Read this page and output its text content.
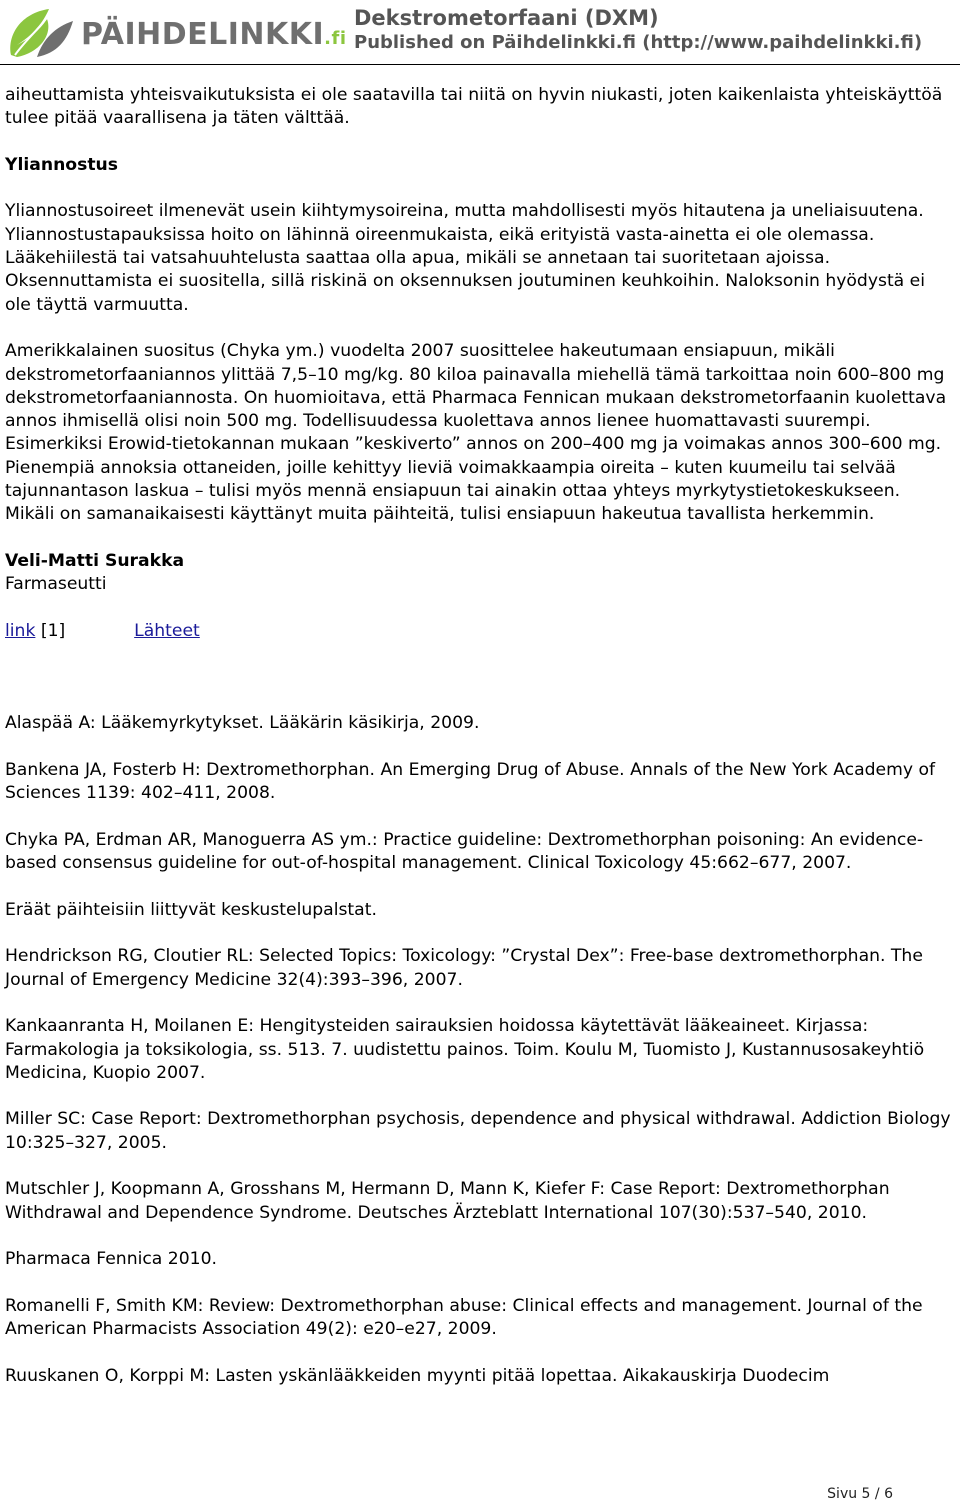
PÄIHDELINKKI.fi
Dekstrometorfaani (DXM)
Published on Päihdelinkki.fi (http://www.paihdelinkki.fi)

aiheuttamista yhteisvaikutuksista ei ole saatavilla tai niitä on hyvin niukasti, joten kaikenlaista yhteiskäyttöä tulee pitää vaarallisena ja täten välttää.

Yliannostus

Yliannostusoireet ilmenevät usein kiihtymysoireina, mutta mahdollisesti myös hitautena ja uneliaisuutena. Yliannostustapauksissa hoito on lähinnä oireenmukaista, eikä erityistä vasta-ainetta ei ole olemassa. Lääkehiilestä tai vatsahuuhtelusta saattaa olla apua, mikäli se annetaan tai suoritetaan ajoissa. Oksennuttamista ei suositella, sillä riskinä on oksennuksen joutuminen keuhkoihin. Naloksonin hyödystä ei ole täyttä varmuutta.

Amerikkalainen suositus (Chyka ym.) vuodelta 2007 suosittelee hakeutumaan ensiapuun, mikäli dekstrometorfaaniannos ylittää 7,5–10 mg/kg. 80 kiloa painavalla miehellä tämä tarkoittaa noin 600–800 mg dekstrometorfaaniannosta. On huomioitava, että Pharmaca Fennican mukaan dekstrometorfaanin kuolettava annos ihmisellä olisi noin 500 mg. Todellisuudessa kuolettava annos lienee huomattavasti suurempi. Esimerkiksi Erowid-tietokannan mukaan ”keskiverto” annos on 200–400 mg ja voimakas annos 300–600 mg. Pienempiä annoksia ottaneiden, joille kehittyy lieviä voimakkaampia oireita – kuten kuumeilu tai selvää tajunnantason laskua – tulisi myös mennä ensiapuun tai ainakin ottaa yhteys myrkytystietokeskukseen. Mikäli on samanaikaisesti käyttänyt muita päihteitä, tulisi ensiapuun hakeutua tavallista herkemmin.

Veli-Matti Surakka
Farmaseutti

link [1]	Lähteet

Alaspää A: Lääkemyrkytykset. Lääkärin käsikirja, 2009.

Bankena JA, Fosterb H: Dextromethorphan. An Emerging Drug of Abuse. Annals of the New York Academy of Sciences 1139: 402–411, 2008.

Chyka PA, Erdman AR, Manoguerra AS ym.: Practice guideline: Dextromethorphan poisoning: An evidence-based consensus guideline for out-of-hospital management. Clinical Toxicology 45:662–677, 2007.

Eräät päihteisiin liittyvät keskustelupalstat.

Hendrickson RG, Cloutier RL: Selected Topics: Toxicology: ”Crystal Dex”: Free-base dextromethorphan. The Journal of Emergency Medicine 32(4):393–396, 2007.

Kankaanranta H, Moilanen E: Hengitysteiden sairauksien hoidossa käytettävät lääkeaineet. Kirjassa: Farmakologia ja toksikologia, ss. 513. 7. uudistettu painos. Toim. Koulu M, Tuomisto J, Kustannusosakeyhtiö Medicina, Kuopio 2007.

Miller SC: Case Report: Dextromethorphan psychosis, dependence and physical withdrawal. Addiction Biology 10:325–327, 2005.

Mutschler J, Koopmann A, Grosshans M, Hermann D, Mann K, Kiefer F: Case Report: Dextromethorphan Withdrawal and Dependence Syndrome. Deutsches Ärzteblatt International 107(30):537–540, 2010.

Pharmaca Fennica 2010.

Romanelli F, Smith KM: Review: Dextromethorphan abuse: Clinical effects and management. Journal of the American Pharmacists Association 49(2): e20–e27, 2009.

Ruuskanen O, Korppi M: Lasten yskänlääkkeiden myynti pitää lopettaa. Aikakauskirja Duodecim

Sivu 5 / 6
